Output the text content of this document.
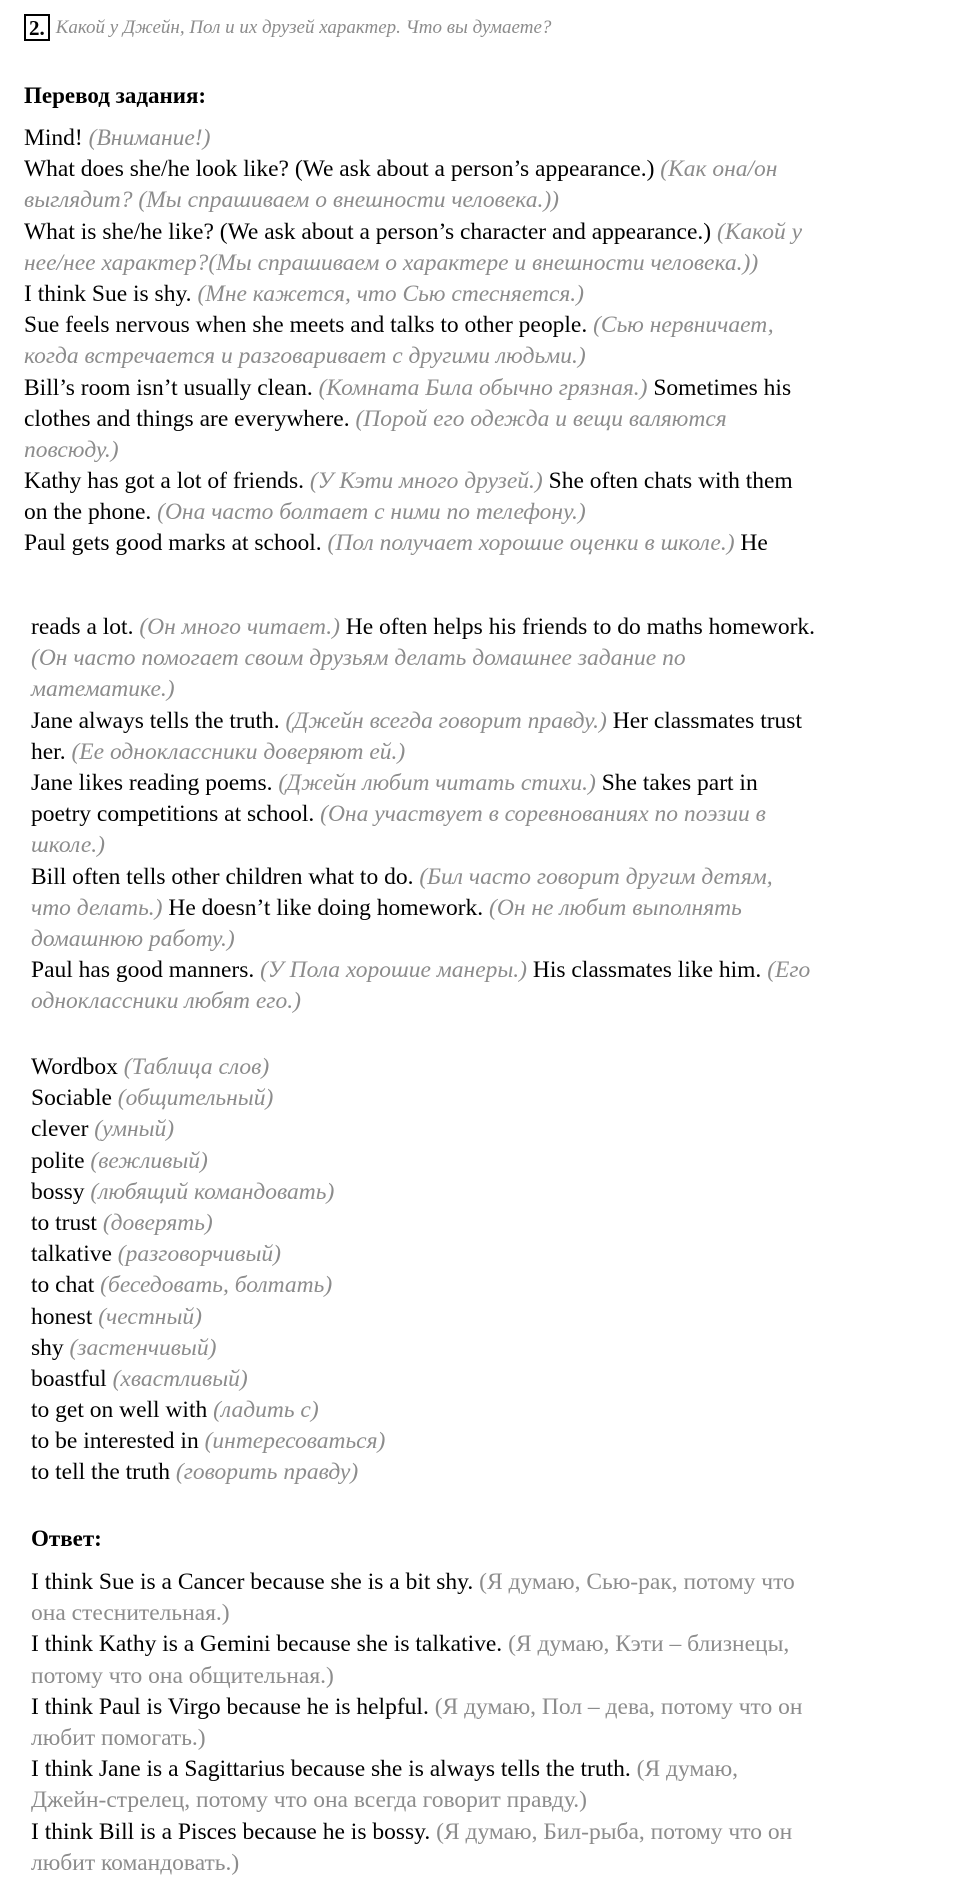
2. Какой у Джейн, Пол и их друзей характер. Что вы думаете?
Перевод задания:
Mind! (Внимание!)
What does she/he look like? (We ask about a person’s appearance.) (Как она/он
выглядит? (Мы спрашиваем о внешности человека.))
What is she/he like? (We ask about a person’s character and appearance.) (Какой у
нее/нее характер?(Мы спрашиваем о характере и внешности человека.))
I think Sue is shy. (Мне кажется, что Сью стесняется.)
Sue feels nervous when she meets and talks to other people. (Сью нервничает,
когда встречается и разговаривает с другими людьми.)
Bill’s room isn’t usually clean. (Комната Била обычно грязная.) Sometimes his
clothes and things are everywhere. (Порой его одежда и вещи валяются
повсюду.)
Kathy has got a lot of friends. (У Кэти много друзей.) She often chats with them
on the phone. (Она часто болтает с ними по телефону.)
Paul gets good marks at school. (Пол получает хорошие оценки в школе.) He
reads a lot. (Он много читает.) He often helps his friends to do maths homework.
(Он часто помогает своим друзьям делать домашнее задание по
математике.)
Jane always tells the truth. (Джейн всегда говорит правду.) Her classmates trust
her. (Ее одноклассники доверяют ей.)
Jane likes reading poems. (Джейн любит читать стихи.) She takes part in
poetry competitions at school. (Она участвует в соревнованиях по поэзии в
школе.)
Bill often tells other children what to do. (Бил часто говорит другим детям,
что делать.) He doesn’t like doing homework. (Он не любит выполнять
домашнюю работу.)
Paul has good manners. (У Пола хорошие манеры.) His classmates like him. (Его
одноклассники любят его.)
Wordbox (Таблица слов)
Sociable (общительный)
clever (умный)
polite (вежливый)
bossy (любящий командовать)
to trust (доверять)
talkative (разговорчивый)
to chat (беседовать, болтать)
honest (честный)
shy (застенчивый)
boastful (хвастливый)
to get on well with (ладить с)
to be interested in (интересоваться)
to tell the truth (говорить правду)
Ответ:
I think Sue is a Cancer because she is a bit shy. (Я думаю, Сью-рак, потому что
она стеснительная.)
I think Kathy is a Gemini because she is talkative. (Я думаю, Кэти – близнецы,
потому что она общительная.)
I think Paul is Virgo because he is helpful. (Я думаю, Пол – дева, потому что он
любит помогать.)
I think Jane is a Sagittarius because she is always tells the truth. (Я думаю,
Джейн-стрелец, потому что она всегда говорит правду.)
I think Bill is a Pisces because he is bossy. (Я думаю, Бил-рыба, потому что он
любит командовать.)
